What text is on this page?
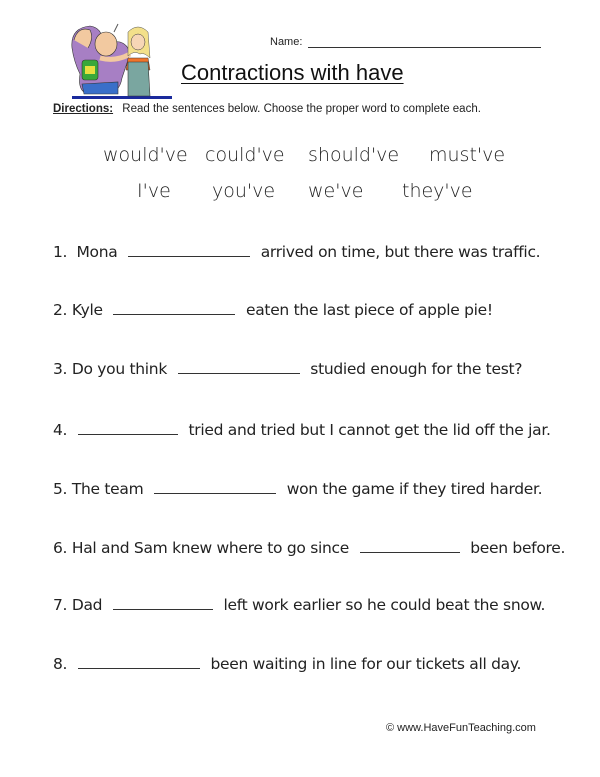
Name:
Contractions with have
Directions: Read the sentences below. Choose the proper word to complete each.
would've could've should've must've
I've you've we've they've
1. Mona	arrived on time, but there was traffic.
2. Kyle	eaten the last piece of apple pie!
3. Do you think	studied enough for the test?
4.	tried and tried but I cannot get the lid off the jar.
5. The team	won the game if they tired harder.
6. Hal and Sam knew where to go since	been before.
7. Dad	left work earlier so he could beat the snow.
8.	been waiting in line for our tickets all day.
© www.HaveFunTeaching.com
